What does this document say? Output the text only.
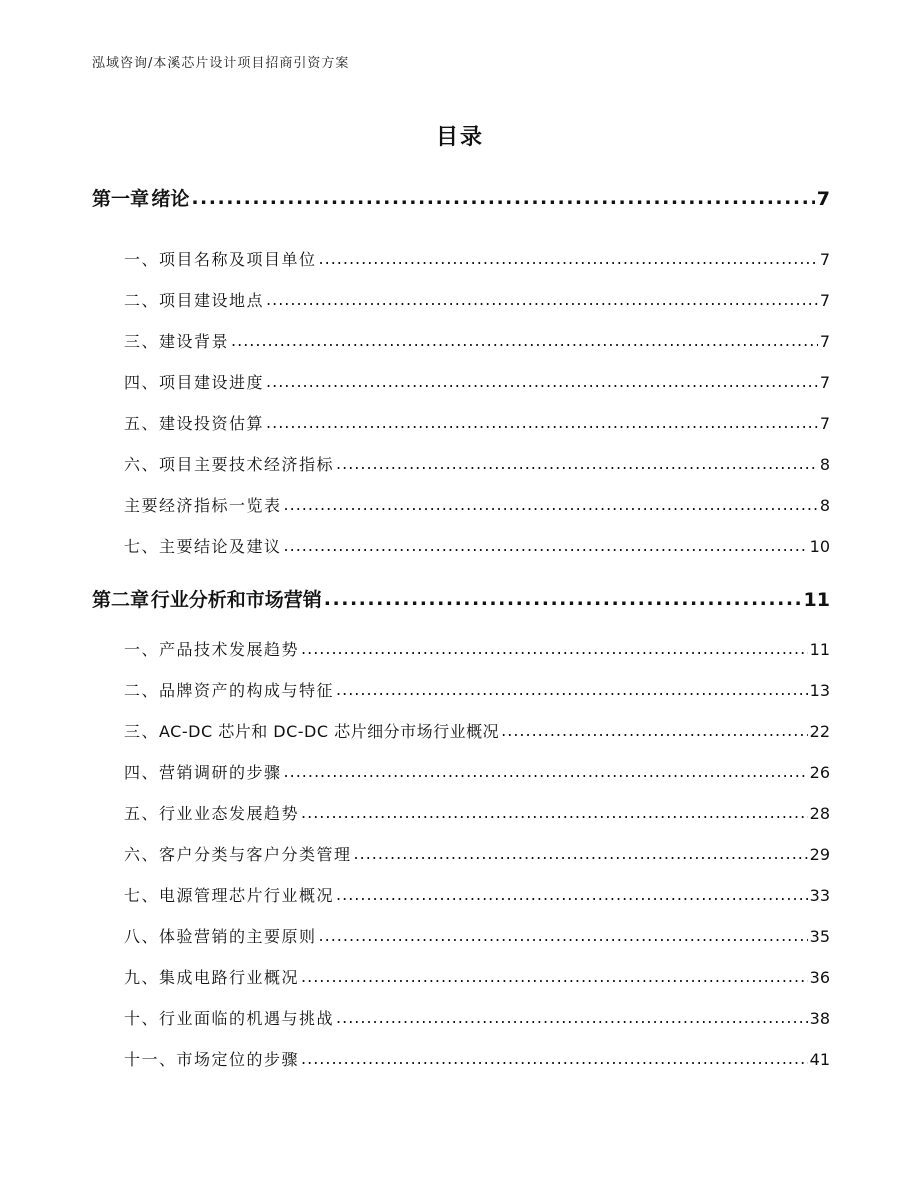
泓域咨询/本溪芯片设计项目招商引资方案
目录
第一章 绪论 .....	7
一、 项目名称及项目单位 .....	7
二、 项目建设地点 .....	7
三、 建设背景 .....	7
四、 项目建设进度 .....	7
五、 建设投资估算 .....	7
六、 项目主要技术经济指标 .....	8
主要经济指标一览表 .....	8
七、 主要结论及建议 .....	10
第二章 行业分析和市场营销 .....	11
一、 产品技术发展趋势 .....	11
二、 品牌资产的构成与特征 .....	13
三、 AC-DC 芯片和 DC-DC 芯片细分市场行业概况 .....	22
四、 营销调研的步骤 .....	26
五、 行业业态发展趋势 .....	28
六、 客户分类与客户分类管理 .....	29
七、 电源管理芯片行业概况 .....	33
八、 体验营销的主要原则 .....	35
九、 集成电路行业概况 .....	36
十、 行业面临的机遇与挑战 .....	38
十一、 市场定位的步骤 .....	41
